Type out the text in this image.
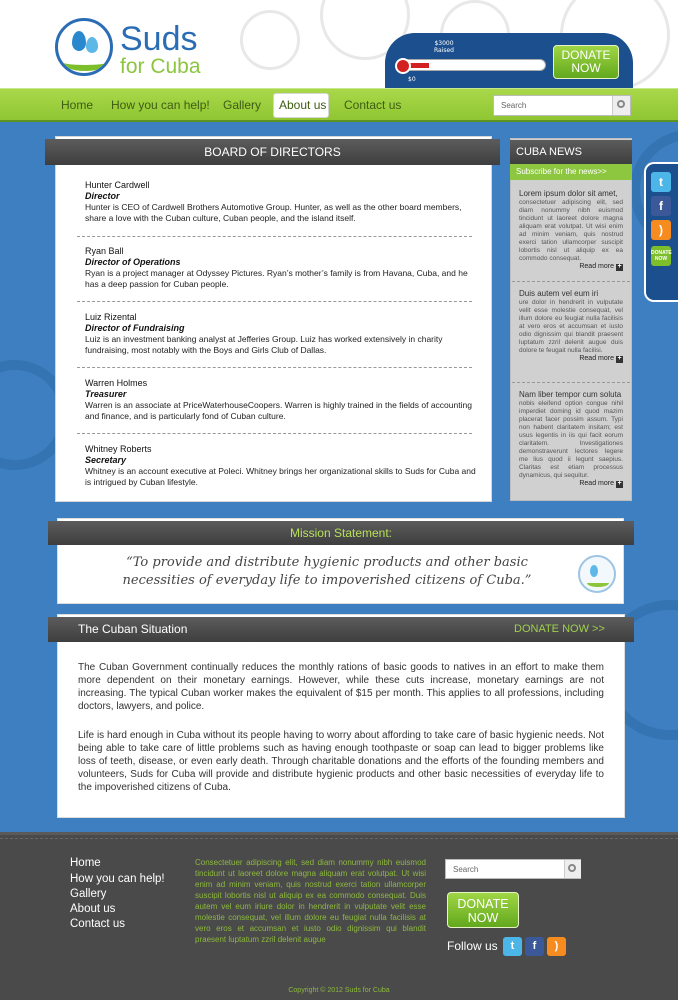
Suds
for Cuba
$3000
Raised
$0
DONATE
NOW
Home How you can help! Gallery About us Contact us	Search
BOARD OF DIRECTORS
Hunter Cardwell
Director
Hunter is CEO of Cardwell Brothers Automotive Group. Hunter, as well as the other board members, share a love with the Cuban culture, Cuban people, and the island itself.
Ryan Ball
Director of Operations
Ryan is a project manager at Odyssey Pictures. Ryan’s mother’s family is from Havana, Cuba, and he has a deep passion for Cuban people.
Luiz Rizental
Director of Fundraising
Luiz is an investment banking analyst at Jefferies Group. Luiz has worked extensively in charity fundraising, most notably with the Boys and Girls Club of Dallas.
Warren Holmes
Treasurer
Warren is an associate at PriceWaterhouseCoopers. Warren is highly trained in the fields of accounting and finance, and is particularly fond of Cuban culture.
Whitney Roberts
Secretary
Whitney is an account executive at Poleci. Whitney brings her organizational skills to Suds for Cuba and is intrigued by Cuban lifestyle.
CUBA NEWS
Subscribe for the news>>
Lorem ipsum dolor sit amet,
consectetuer adipiscing elit, sed diam nonummy nibh euismod tincidunt ut laoreet dolore magna aliquam erat volutpat. Ut wisi enim ad minim veniam, quis nostrud exerci tation ullamcorper suscipit lobortis nisl ut aliquip ex ea commodo consequat.
Read more +
Duis autem vel eum iri
ure dolor in hendrerit in vulputate velit esse molestie consequat, vel illum dolore eu feugiat nulla facilisis at vero eros et accumsan et iusto odio dignissim qui blandit praesent luptatum zzril delenit augue duis dolore te feugait nulla facilisi.
Read more +
Nam liber tempor cum soluta
nobis eleifend option congue nihil imperdiet doming id quod mazim placerat facer possim assum. Typi non habent claritatem insitam; est usus legentis in iis qui facit eorum claritatem. Investigationes demonstraverunt lectores legere me lius quod ii legunt saepius. Claritas est etiam processus dynamicus, qui sequitur.
Read more +
t
f
)
DONATE NOW
Mission Statement:
“To provide and distribute hygienic products and other basic necessities of everyday life to impoverished citizens of Cuba.”
The Cuban Situation	DONATE NOW >>
The Cuban Government continually reduces the monthly rations of basic goods to natives in an effort to make them more dependent on their monetary earnings. However, while these cuts increase, monetary earnings are not increasing. The typical Cuban worker makes the equivalent of $15 per month. This applies to all professions, including doctors, lawyers, and police.
Life is hard enough in Cuba without its people having to worry about affording to take care of basic hygienic needs. Not being able to take care of little problems such as having enough toothpaste or soap can lead to bigger problems like loss of teeth, disease, or even early death. Through charitable donations and the efforts of the founding members and volunteers, Suds for Cuba will provide and distribute hygienic products and other basic necessities of everyday life to the impoverished citizens of Cuba.
Home
How you can help!
Gallery
About us
Contact us
Consectetuer adipiscing elit, sed diam nonummy nibh euismod tincidunt ut laoreet dolore magna aliquam erat volutpat. Ut wisi enim ad minim veniam, quis nostrud exerci tation ullamcorper suscipit lobortis nisl ut aliquip ex ea commodo consequat. Duis autem vel eum iriure dolor in hendrerit in vulputate velit esse molestie consequat, vel illum dolore eu feugiat nulla facilisis at vero eros et accumsan et iusto odio dignissim qui blandit praesent luptatum zzril delenit augue
Search
DONATE
NOW
Follow us	t	f	)
Copyright © 2012 Suds for Cuba
